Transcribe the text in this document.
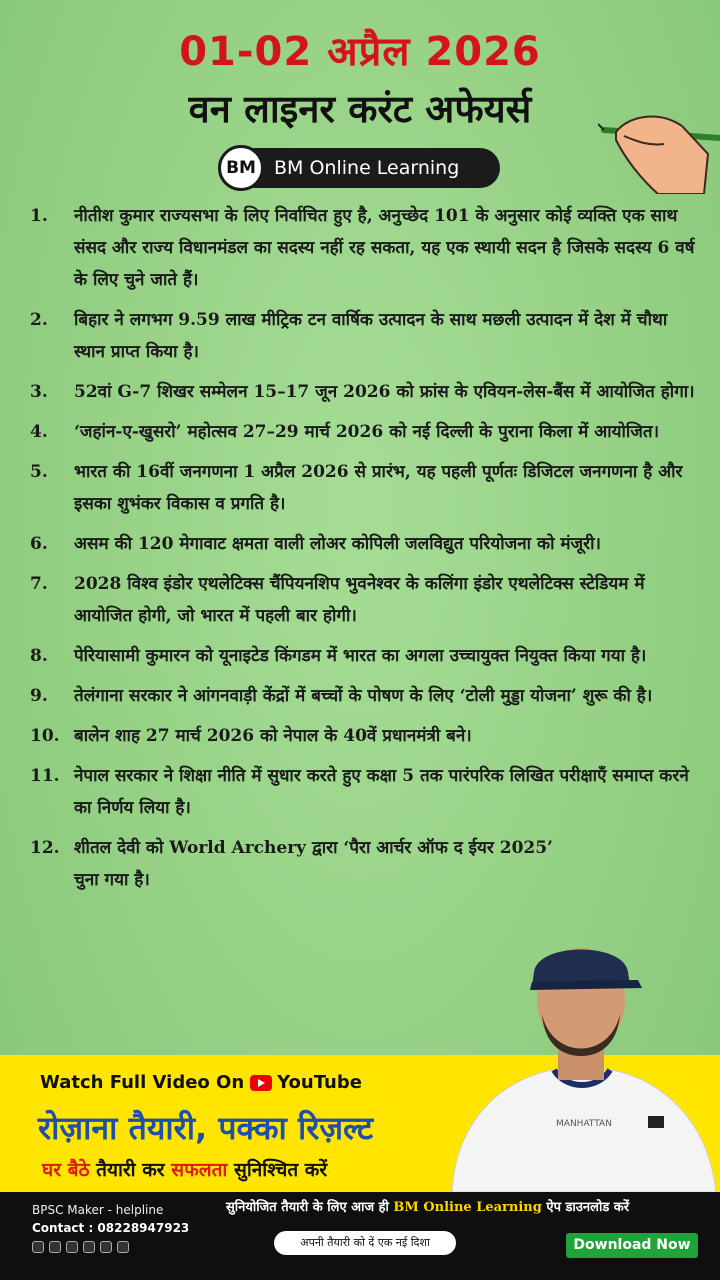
01-02 अप्रैल 2026
वन लाइनर करंट अफेयर्स
BM BM Online Learning
1.	नीतीश कुमार राज्यसभा के लिए निर्वाचित हुए है, अनुच्छेद 101 के अनुसार कोई व्यक्ति एक साथ संसद और राज्य विधानमंडल का सदस्य नहीं रह सकता, यह एक स्थायी सदन है जिसके सदस्य 6 वर्ष के लिए चुने जाते हैं।
2.	बिहार ने लगभग 9.59 लाख मीट्रिक टन वार्षिक उत्पादन के साथ मछली उत्पादन में देश में चौथा स्थान प्राप्त किया है।
3.	52वां G-7 शिखर सम्मेलन 15–17 जून 2026 को फ्रांस के एवियन-लेस-बैंस में आयोजित होगा।
4.	‘जहांन-ए-खुसरो’ महोत्सव 27–29 मार्च 2026 को नई दिल्ली के पुराना किला में आयोजित।
5.	भारत की 16वीं जनगणना 1 अप्रैल 2026 से प्रारंभ, यह पहली पूर्णतः डिजिटल जनगणना है और इसका शुभंकर विकास व प्रगति है।
6.	असम की 120 मेगावाट क्षमता वाली लोअर कोपिली जलविद्युत परियोजना को मंजूरी।
7.	2028 विश्व इंडोर एथलेटिक्स चैंपियनशिप भुवनेश्वर के कलिंगा इंडोर एथलेटिक्स स्टेडियम में आयोजित होगी, जो भारत में पहली बार होगी।
8.	पेरियासामी कुमारन को यूनाइटेड किंगडम में भारत का अगला उच्चायुक्त नियुक्त किया गया है।
9.	तेलंगाना सरकार ने आंगनवाड़ी केंद्रों में बच्चों के पोषण के लिए ‘टोली मुड्डा योजना’ शुरू की है।
10. बालेन शाह 27 मार्च 2026 को नेपाल के 40वें प्रधानमंत्री बने।
11. नेपाल सरकार ने शिक्षा नीति में सुधार करते हुए कक्षा 5 तक पारंपरिक लिखित परीक्षाएँ समाप्त करने का निर्णय लिया है।
12. शीतल देवी को World Archery द्वारा ‘पैरा आर्चर ऑफ द ईयर 2025’ चुना गया है।
Watch Full Video On YouTube
रोज़ाना तैयारी, पक्का रिज़ल्ट
घर बैठे तैयारी कर सफलता सुनिश्चित करें
MANHATTAN
BPSC Maker - helpline
Contact : 08228947923
सुनियोजित तैयारी के लिए आज ही BM Online Learning ऐप डाउनलोड करें
अपनी तैयारी को दें एक नई दिशा	Download Now
